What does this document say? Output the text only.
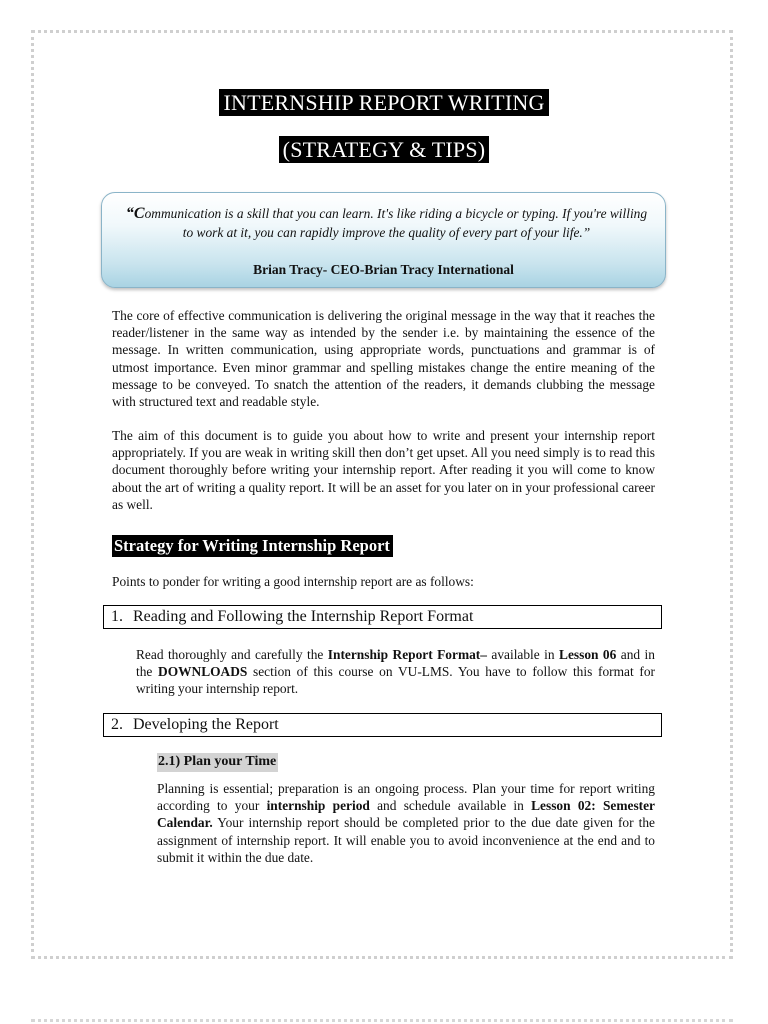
INTERNSHIP REPORT WRITING
(STRATEGY & TIPS)
“Communication is a skill that you can learn. It's like riding a bicycle or typing. If you're willing to work at it, you can rapidly improve the quality of every part of your life.”
Brian Tracy- CEO-Brian Tracy International

The core of effective communication is delivering the original message in the way that it reaches the reader/listener in the same way as intended by the sender i.e. by maintaining the essence of the message. In written communication, using appropriate words, punctuations and grammar is of utmost importance. Even minor grammar and spelling mistakes change the entire meaning of the message to be conveyed. To snatch the attention of the readers, it demands clubbing the message with structured text and readable style.

The aim of this document is to guide you about how to write and present your internship report appropriately. If you are weak in writing skill then don’t get upset. All you need simply is to read this document thoroughly before writing your internship report. After reading it you will come to know about the art of writing a quality report. It will be an asset for you later on in your professional career as well.

Strategy for Writing Internship Report
Points to ponder for writing a good internship report are as follows:
1. Reading and Following the Internship Report Format

Read thoroughly and carefully the Internship Report Format– available in Lesson 06 and in the DOWNLOADS section of this course on VU-LMS. You have to follow this format for writing your internship report.

2. Developing the Report
2.1) Plan your Time

Planning is essential; preparation is an ongoing process. Plan your time for report writing according to your internship period and schedule available in Lesson 02: Semester Calendar. Your internship report should be completed prior to the due date given for the assignment of internship report. It will enable you to avoid inconvenience at the end and to submit it within the due date.
